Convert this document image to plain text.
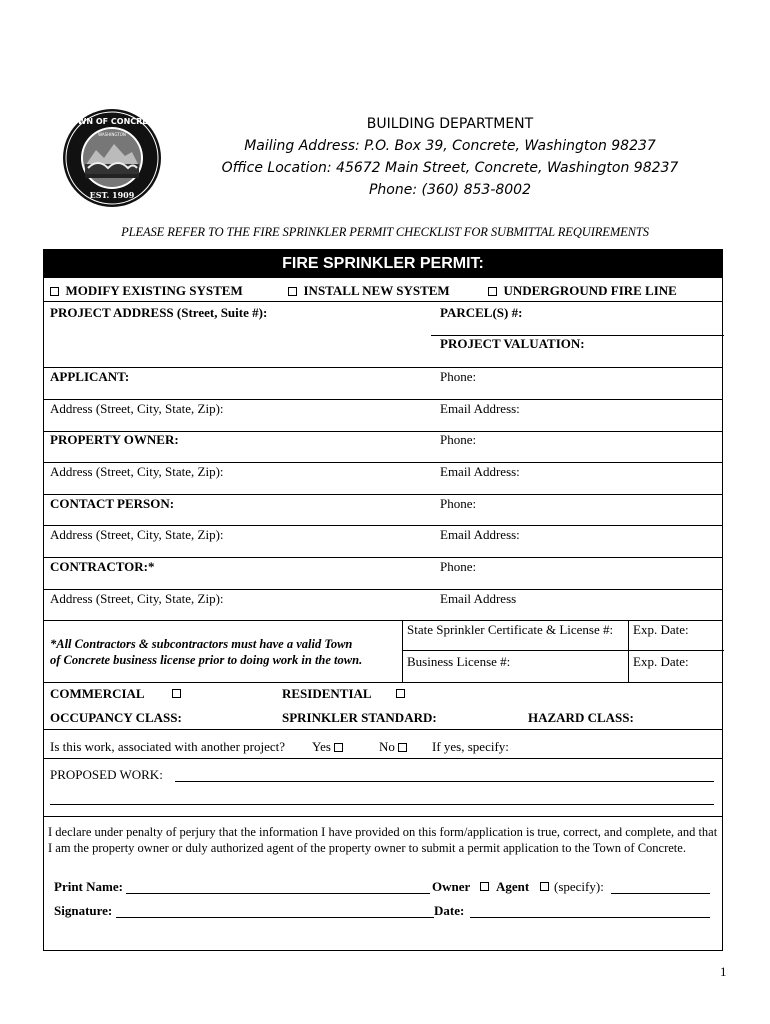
TOWN OF CONCRETE
WASHINGTON
EST. 1909
BUILDING DEPARTMENT
Mailing Address: P.O. Box 39, Concrete, Washington 98237
Office Location: 45672 Main Street, Concrete, Washington 98237
Phone: (360) 853-8002
PLEASE REFER TO THE FIRE SPRINKLER PERMIT CHECKLIST FOR SUBMITTAL REQUIREMENTS
FIRE SPRINKLER PERMIT:
MODIFY EXISTING SYSTEM	INSTALL NEW SYSTEM	UNDERGROUND FIRE LINE
PROJECT ADDRESS (Street, Suite #):	PARCEL(S) #:
PROJECT VALUATION:
APPLICANT:	Phone:
Address (Street, City, State, Zip):	Email Address:
PROPERTY OWNER:	Phone:
Address (Street, City, State, Zip):	Email Address:
CONTACT PERSON:	Phone:
Address (Street, City, State, Zip):	Email Address:
CONTRACTOR:*	Phone:
Address (Street, City, State, Zip):	Email Address
*All Contractors & subcontractors must have a valid Town
of Concrete business license prior to doing work in the town.
State Sprinkler Certificate & License #: Exp. Date:
Business License #:	Exp. Date:
COMMERCIAL	RESIDENTIAL
OCCUPANCY CLASS:	SPRINKLER STANDARD:	HAZARD CLASS:
Is this work, associated with another project? Yes	No	If yes, specify:
PROPOSED WORK:
I declare under penalty of perjury that the information I have provided on this form/application is true, correct, and complete, and that I am the property owner or duly authorized agent of the property owner to submit a permit application to the Town of Concrete.
Print Name:	Owner Agent (specify):
Signature:	Date:
1
